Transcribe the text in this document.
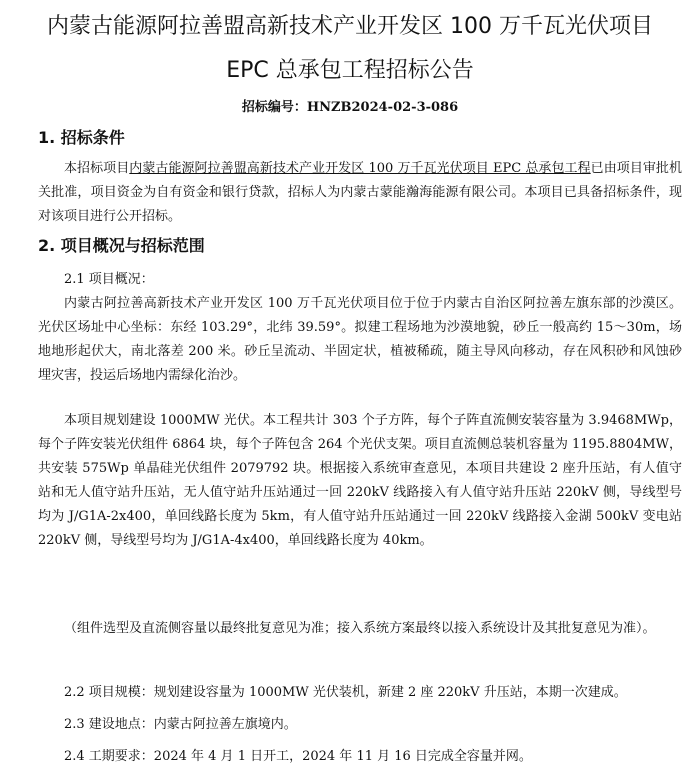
内蒙古能源阿拉善盟高新技术产业开发区 100 万千瓦光伏项目
EPC 总承包工程招标公告
招标编号：HNZB2024-02-3-086
1. 招标条件

本招标项目内蒙古能源阿拉善盟高新技术产业开发区 100 万千瓦光伏项目 EPC 总承包工程已由项目审批机关批准，项目资金为自有资金和银行贷款，招标人为内蒙古蒙能瀚海能源有限公司。本项目已具备招标条件，现对该项目进行公开招标。

2. 项目概况与招标范围

2.1 项目概况：

内蒙古阿拉善高新技术产业开发区 100 万千瓦光伏项目位于位于内蒙古自治区阿拉善左旗东部的沙漠区。光伏区场址中心坐标：东经 103.29°，北纬 39.59°。拟建工程场地为沙漠地貌，砂丘一般高约 15～30m，场地地形起伏大，南北落差 200 米。砂丘呈流动、半固定状，植被稀疏，随主导风向移动，存在风积砂和风蚀砂埋灾害，投运后场地内需绿化治沙。

本项目规划建设 1000MW 光伏。本工程共计 303 个子方阵，每个子阵直流侧安装容量为 3.9468MWp，每个子阵安装光伏组件 6864 块，每个子阵包含 264 个光伏支架。项目直流侧总装机容量为 1195.8804MW，共安装 575Wp 单晶硅光伏组件 2079792 块。根据接入系统审查意见，本项目共建设 2 座升压站，有人值守站和无人值守站升压站，无人值守站升压站通过一回 220kV 线路接入有人值守站升压站 220kV 侧，导线型号均为 J/G1A-2x400，单回线路长度为 5km，有人值守站升压站通过一回 220kV 线路接入金湖 500kV 变电站 220kV 侧，导线型号均为 J/G1A-4x400，单回线路长度为 40km。

（组件选型及直流侧容量以最终批复意见为准；接入系统方案最终以接入系统设计及其批复意见为准）。

2.2 项目规模：规划建设容量为 1000MW 光伏装机，新建 2 座 220kV 升压站，本期一次建成。

2.3 建设地点：内蒙古阿拉善左旗境内。

2.4 工期要求：2024 年 4 月 1 日开工，2024 年 11 月 16 日完成全容量并网。
